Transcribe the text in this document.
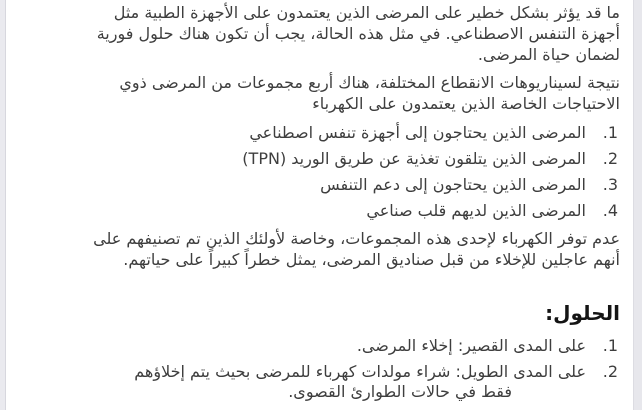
ما قد يؤثر بشكل خطير على المرضى الذين يعتمدون على الأجهزة الطبية مثل أجهزة التنفس الاصطناعي. في مثل هذه الحالة، يجب أن تكون هناك حلول فورية لضمان حياة المرضى.

نتيجة لسيناريوهات الانقطاع المختلفة، هناك أربع مجموعات من المرضى ذوي الاحتياجات الخاصة الذين يعتمدون على الكهرباء

المرضى الذين يحتاجون إلى أجهزة تنفس اصطناعي
المرضى الذين يتلقون تغذية عن طريق الوريد (TPN)
المرضى الذين يحتاجون إلى دعم التنفس
المرضى الذين لديهم قلب صناعي

عدم توفر الكهرباء لإحدى هذه المجموعات، وخاصة لأولئك الذين تم تصنيفهم على أنهم عاجلين للإخلاء من قبل صناديق المرضى، يمثل خطراً كبيراً على حياتهم.

الحلول:
على المدى القصير: إخلاء المرضى.
على المدى الطويل: شراء مولدات كهرباء للمرضى بحيث يتم إخلاؤهم
فقط في حالات الطوارئ القصوى.
